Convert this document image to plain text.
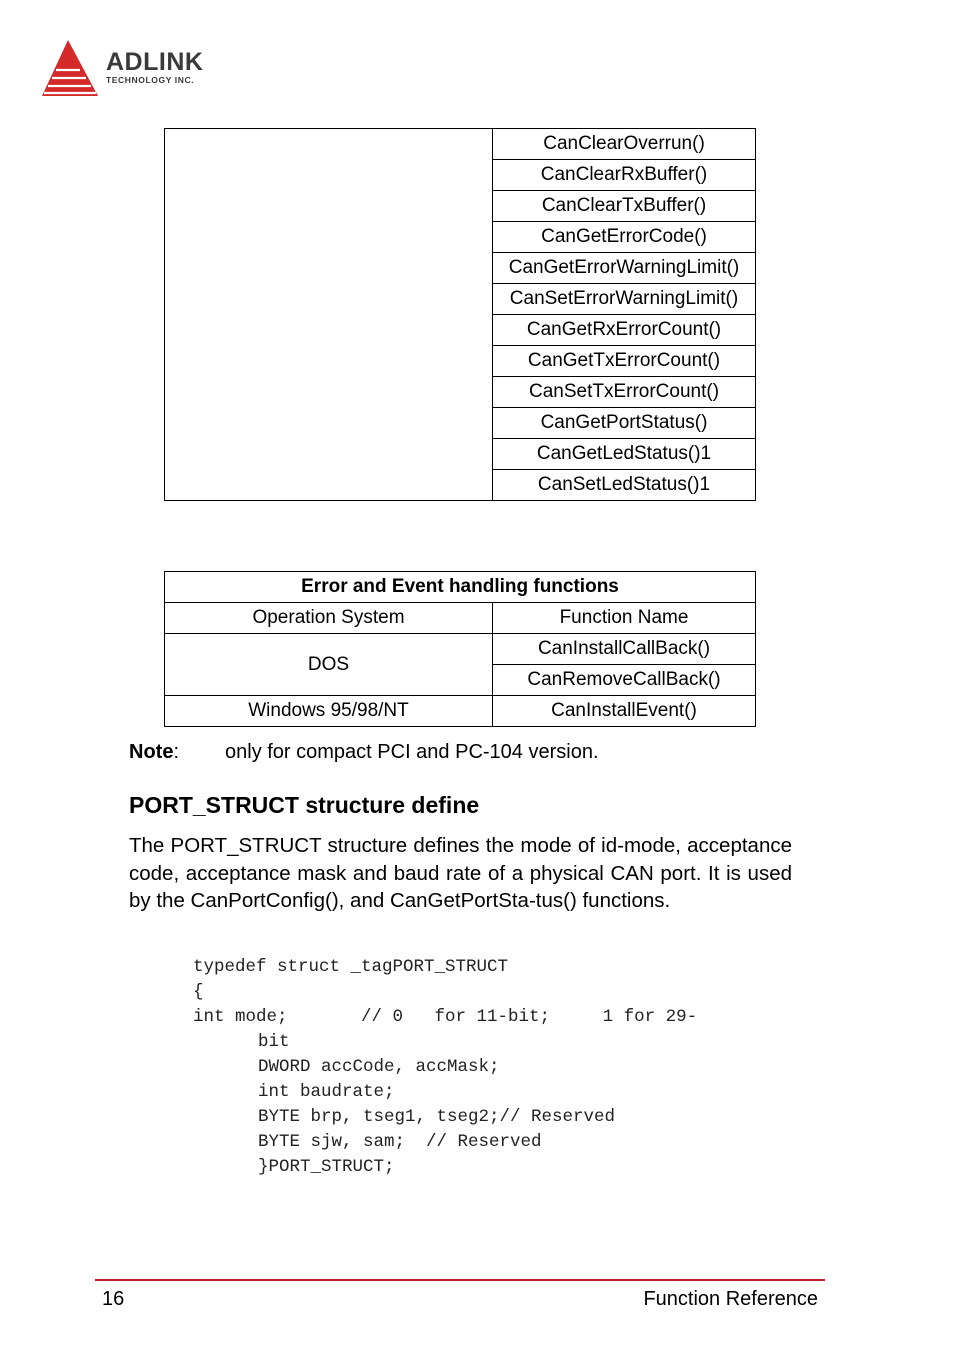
ADLINK
TECHNOLOGY INC.
	CanClearOverrun()
CanClearRxBuffer()
CanClearTxBuffer()
CanGetErrorCode()
CanGetErrorWarningLimit()
CanSetErrorWarningLimit()
CanGetRxErrorCount()
CanGetTxErrorCount()
CanSetTxErrorCount()
CanGetPortStatus()
CanGetLedStatus()1
CanSetLedStatus()1
Error and Event handling functions	
Operation System	Function Name
DOS	CanInstallCallBack()
	CanRemoveCallBack()
Windows 95/98/NT	CanInstallEvent()
Note: only for compact PCI and PC-104 version.
PORT_STRUCT structure define
The PORT_STRUCT structure defines the mode of id-mode, acceptance code, acceptance mask and baud rate of a physical CAN port. It is used by the CanPortConfig(), and CanGetPortSta-tus() functions.
typedef struct _tagPORT_STRUCT
{
int mode;       // 0   for 11-bit;     1 for 29-
bit
DWORD accCode, accMask;
int baudrate;
BYTE brp, tseg1, tseg2;// Reserved
BYTE sjw, sam;  // Reserved
}PORT_STRUCT;
16	Function Reference
